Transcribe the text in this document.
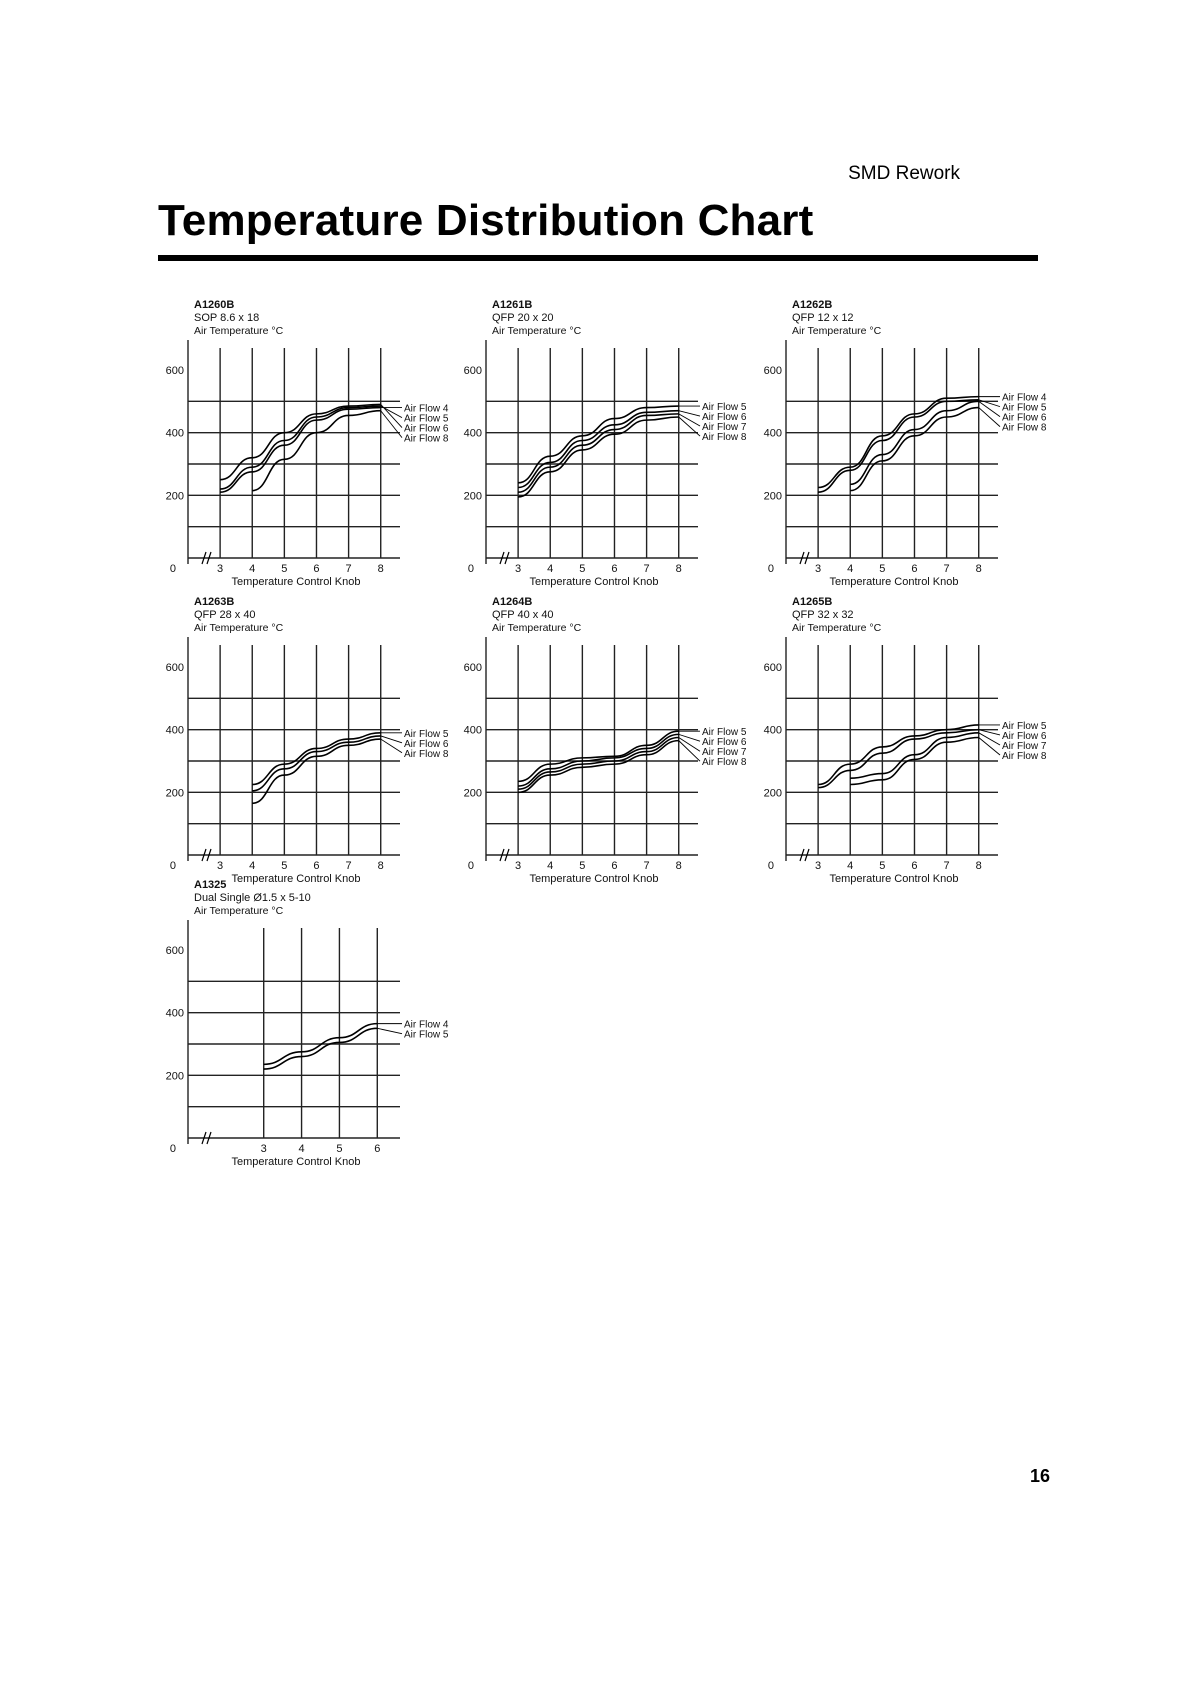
SMD Rework
Temperature Distribution Chart
A1260B
SOP 8.6 x 18
Air Temperature °C
0
200
400
600
3 4 5 6 7 8
Temperature Control Knob
Air Flow 4
Air Flow 5
Air Flow 6
Air Flow 8
A1261B
QFP 20 x 20
Air Temperature °C
0
200
400
600
3 4 5 6 7 8
Temperature Control Knob
Air Flow 5
Air Flow 6
Air Flow 7
Air Flow 8
A1262B
QFP 12 x 12
Air Temperature °C
0
200
400
600
3 4 5 6 7 8
Temperature Control Knob
Air Flow 4
Air Flow 5
Air Flow 6
Air Flow 8
A1263B
QFP 28 x 40
Air Temperature °C
0
200
400
600
3 4 5 6 7 8
Temperature Control Knob
Air Flow 5
Air Flow 6
Air Flow 8
A1264B
QFP 40 x 40
Air Temperature °C
0
200
400
600
3 4 5 6 7 8
Temperature Control Knob
Air Flow 5
Air Flow 6
Air Flow 7
Air Flow 8
A1265B
QFP 32 x 32
Air Temperature °C
0
200
400
600
3 4 5 6 7 8
Temperature Control Knob
Air Flow 5
Air Flow 6
Air Flow 7
Air Flow 8
A1325
Dual Single Ø1.5 x 5-10
Air Temperature °C
0
200
400
600
3	4	5	6
Temperature Control Knob
Air Flow 4
Air Flow 5
16
